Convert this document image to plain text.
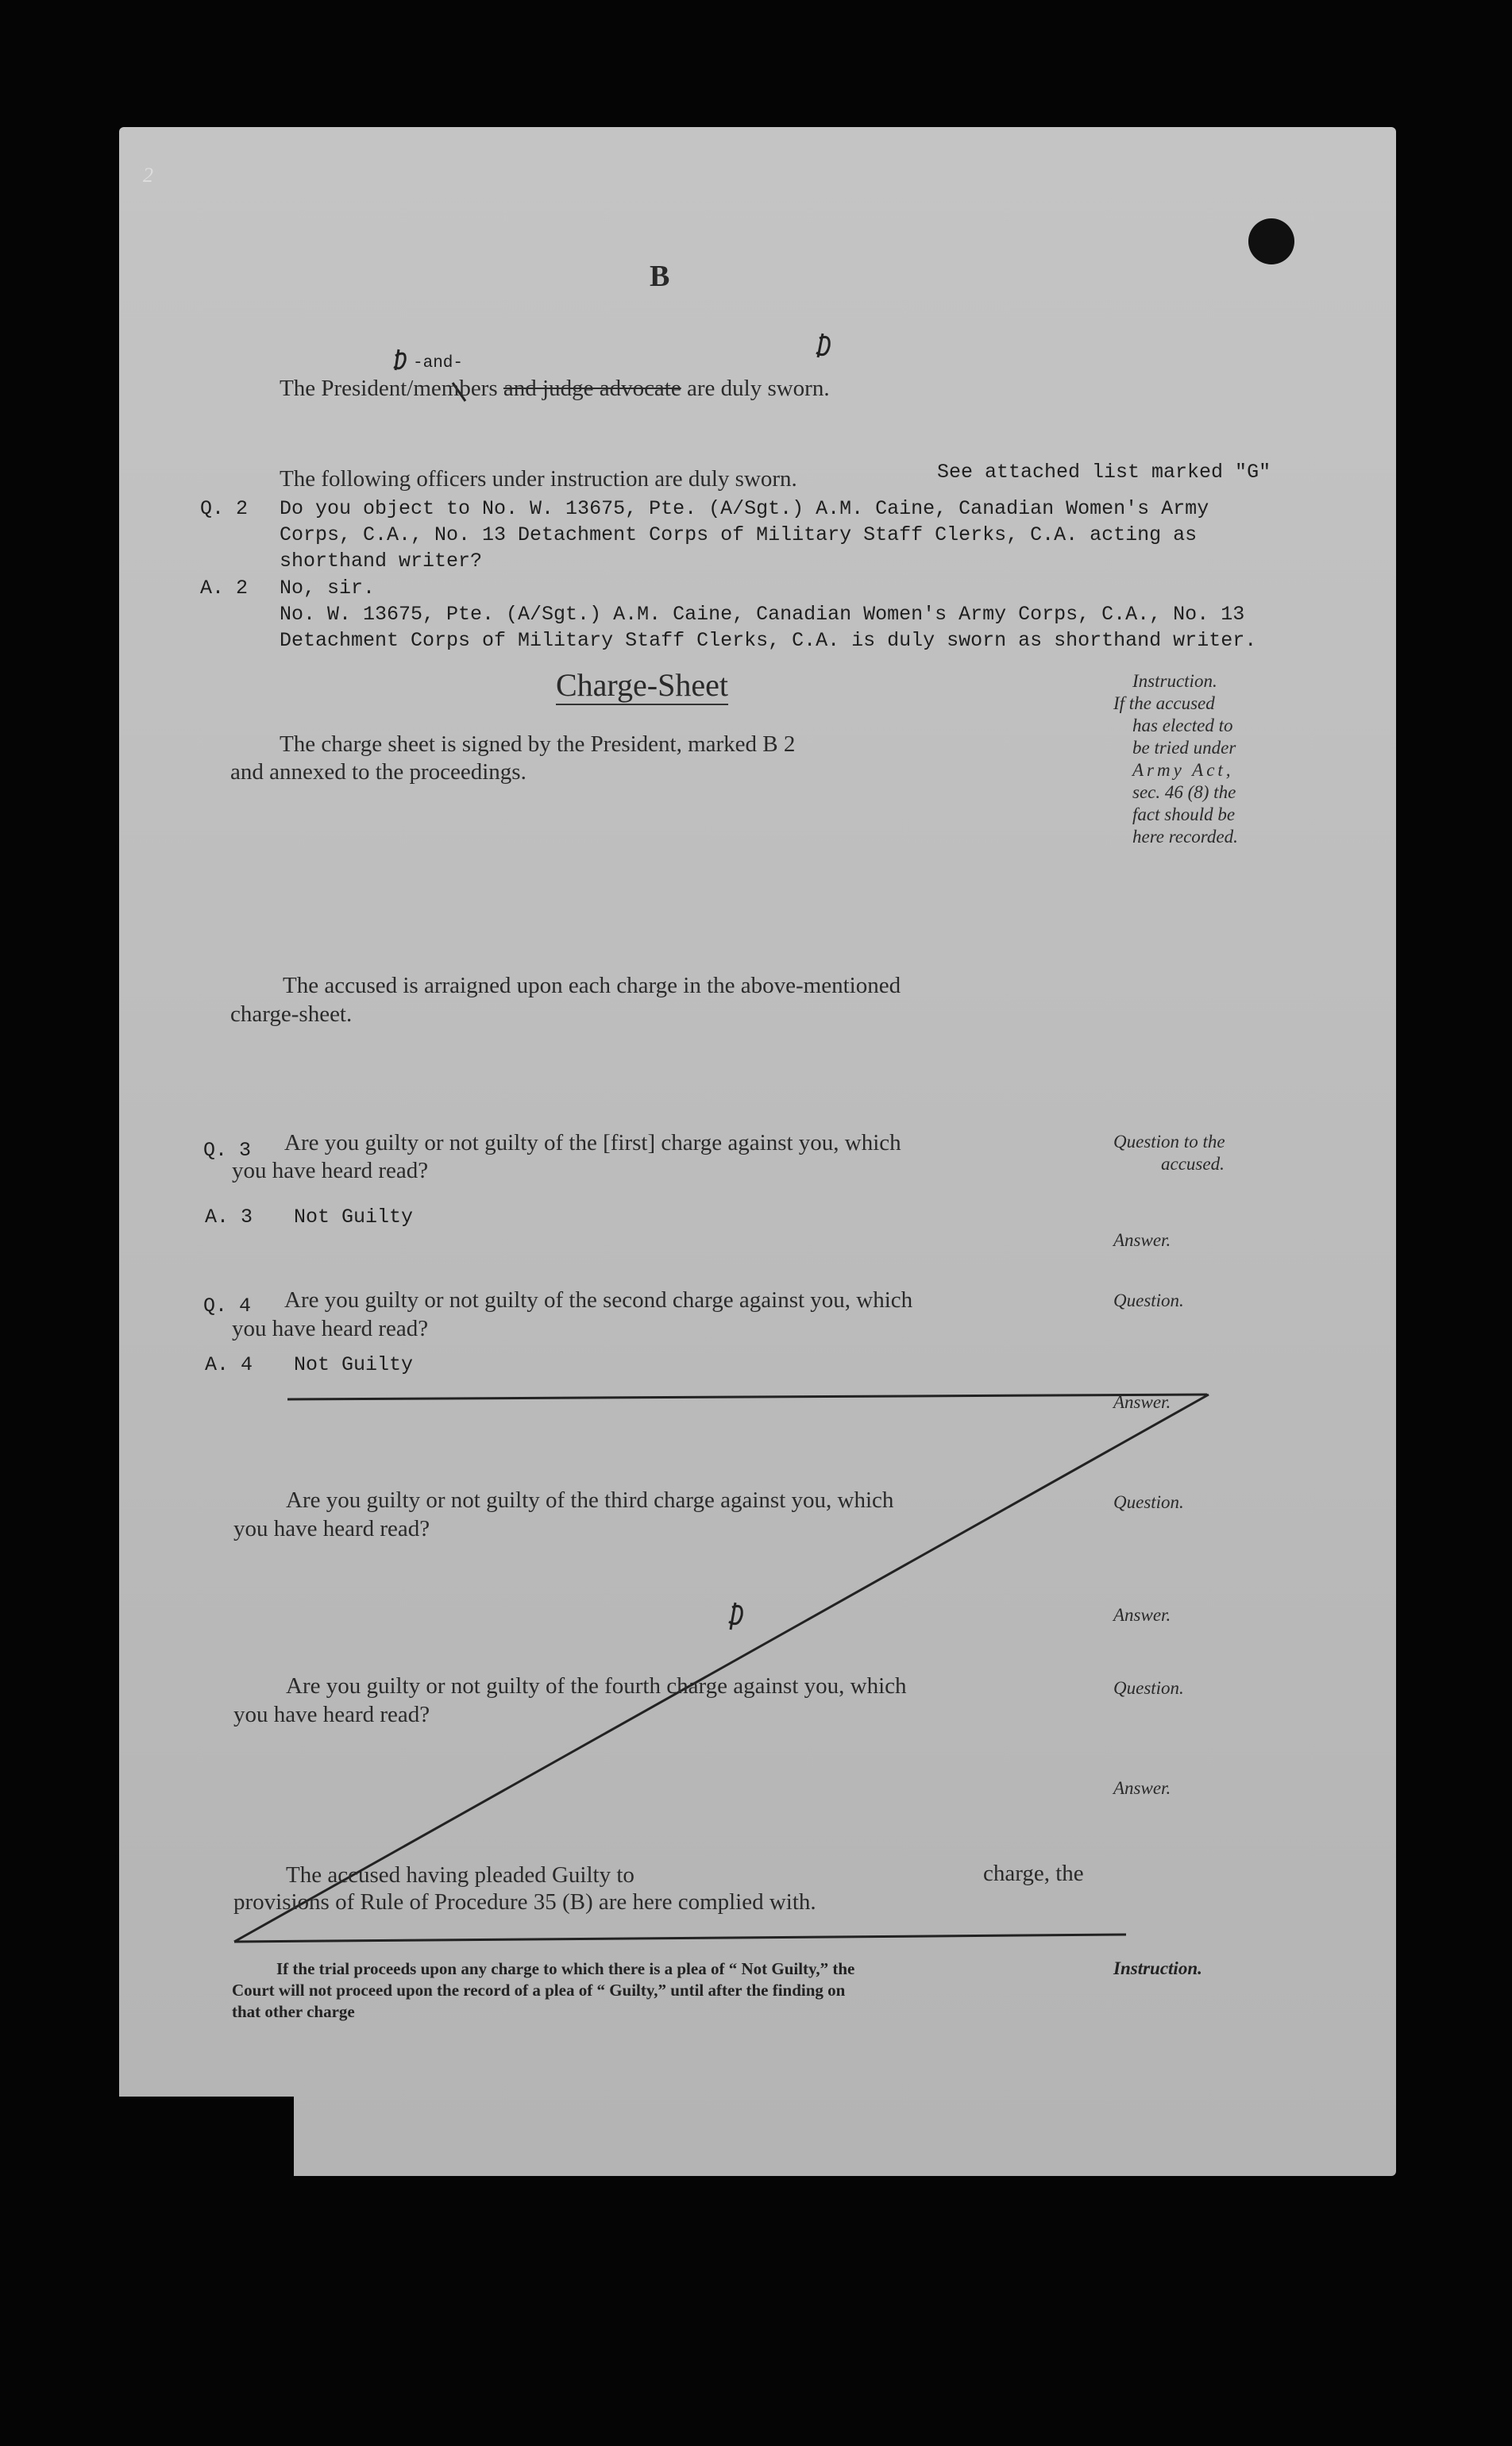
2
B
-and-
The President/members and judge advocate are duly sworn.
The following officers under instruction are duly sworn.	See attached list marked "G"
Q. 2 Do you object to No. W. 13675, Pte. (A/Sgt.) A.M. Caine, Canadian Women's Army
Corps, C.A., No. 13 Detachment Corps of Military Staff Clerks, C.A. acting as
shorthand writer?
A. 2 No, sir.
No. W. 13675, Pte. (A/Sgt.) A.M. Caine, Canadian Women's Army Corps, C.A., No. 13
Detachment Corps of Military Staff Clerks, C.A. is duly sworn as shorthand writer.
Charge-Sheet	Instruction.
If the accused
has elected to
be tried under
Army Act,
sec. 46 (8) the
fact should be
here recorded.
The charge sheet is signed by the President, marked B 2
and annexed to the proceedings.
The accused is arraigned upon each charge in the above-mentioned
charge-sheet.
Q. 3 Are you guilty or not guilty of the [first] charge against you, which
you have heard read?
Question to the
accused.
A. 3 Not Guilty
Answer.
Q. 4 Are you guilty or not guilty of the second charge against you, which
you have heard read?
Question.
A. 4 Not Guilty
Answer.
Are you guilty or not guilty of the third charge against you, which
you have heard read?
Question.
Answer.
Are you guilty or not guilty of the fourth charge against you, which
you have heard read?
Question.
Answer.
The accused having pleaded Guilty to	charge, the
provisions of Rule of Procedure 35 (B) are here complied with.
If the trial proceeds upon any charge to which there is a plea of “ Not Guilty,” the
Court will not proceed upon the record of a plea of “ Guilty,” until after the finding on
that other charge
Instruction.
